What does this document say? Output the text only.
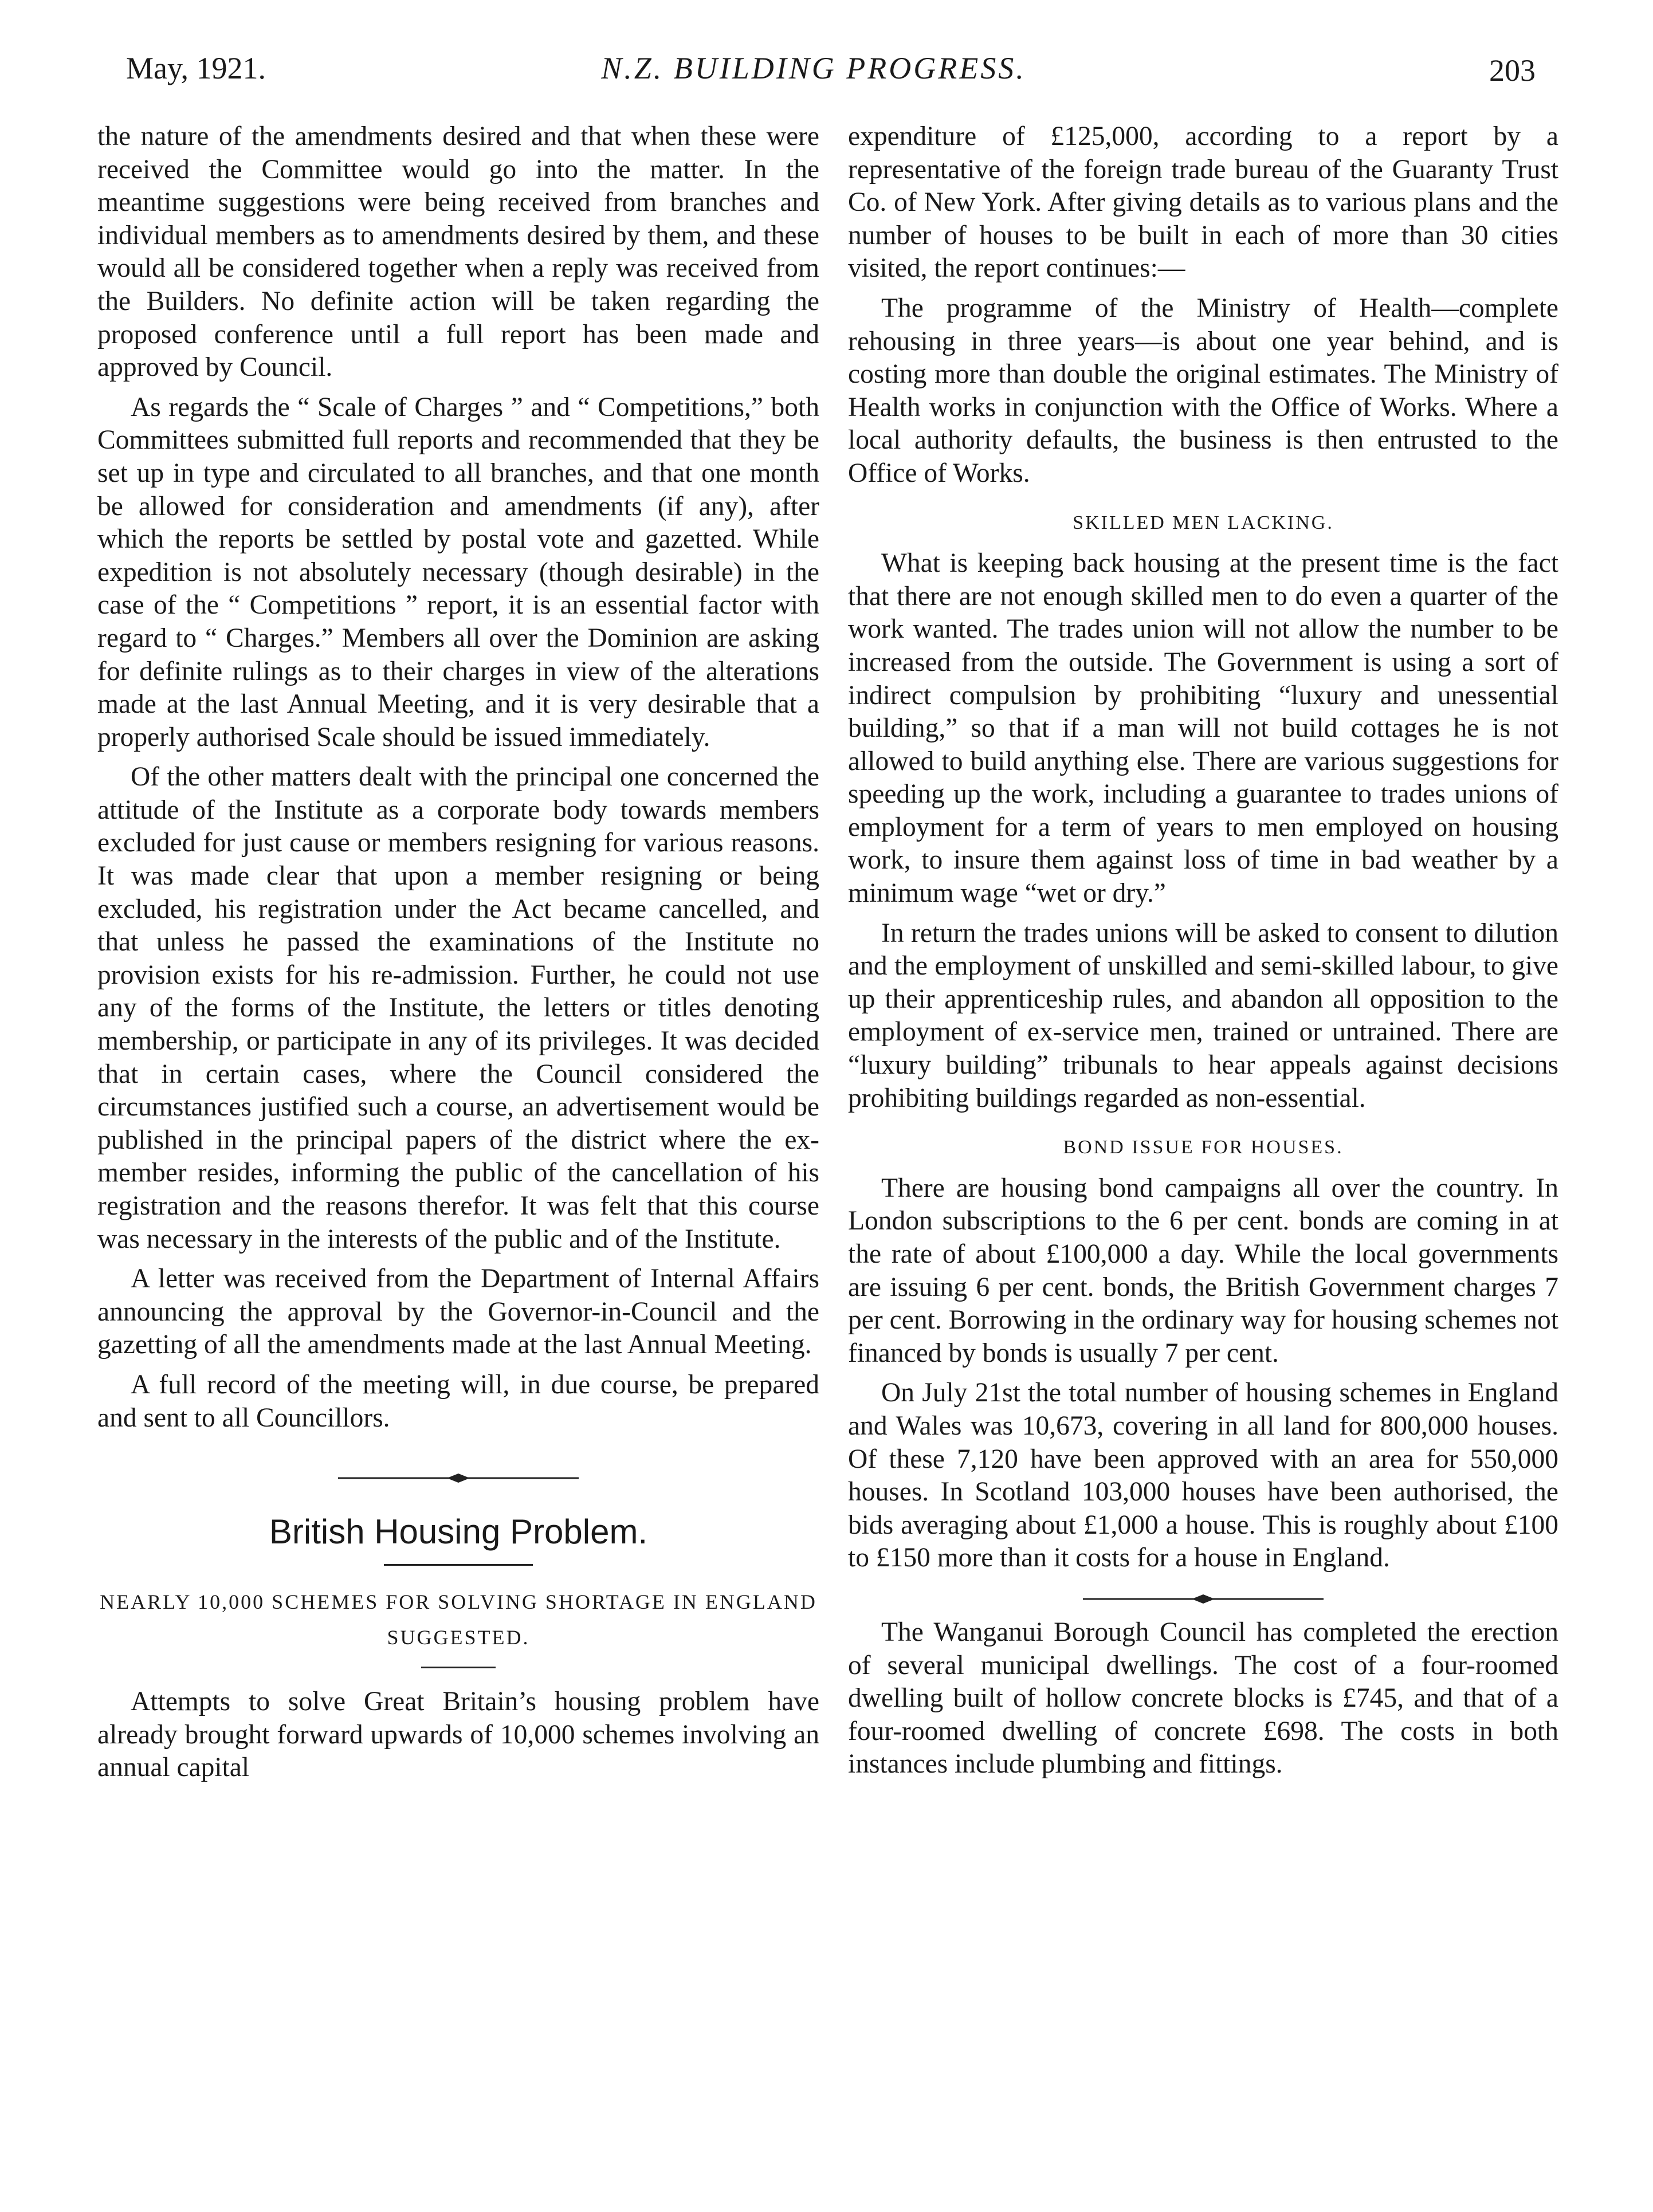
May, 1921.	N.Z. BUILDING PROGRESS.	203

the nature of the amendments desired and that when these were received the Committee would go into the matter. In the meantime suggestions were being received from branches and individual members as to amendments desired by them, and these would all be considered together when a reply was received from the Builders. No definite action will be taken regarding the proposed conference until a full report has been made and approved by Council.

As regards the “ Scale of Charges ” and “ Competitions,” both Committees submitted full reports and recommended that they be set up in type and circulated to all branches, and that one month be allowed for consideration and amendments (if any), after which the reports be settled by postal vote and gazetted. While expedition is not absolutely necessary (though desirable) in the case of the “ Competitions ” report, it is an essential factor with regard to “ Charges.” Members all over the Dominion are asking for definite rulings as to their charges in view of the alterations made at the last Annual Meeting, and it is very desirable that a properly authorised Scale should be issued immediately.

Of the other matters dealt with the principal one concerned the attitude of the Institute as a corporate body towards members excluded for just cause or members resigning for various reasons. It was made clear that upon a member resigning or being excluded, his registration under the Act became cancelled, and that unless he passed the examinations of the Institute no provision exists for his re-admission. Further, he could not use any of the forms of the Institute, the letters or titles denoting membership, or participate in any of its privileges. It was decided that in certain cases, where the Council considered the circumstances justified such a course, an advertisement would be published in the principal papers of the district where the ex-member resides, informing the public of the cancellation of his registration and the reasons therefor. It was felt that this course was necessary in the interests of the public and of the Institute.

A letter was received from the Department of Internal Affairs announcing the approval by the Governor-in-Council and the gazetting of all the amendments made at the last Annual Meeting.

A full record of the meeting will, in due course, be prepared and sent to all Councillors.

British Housing Problem.
NEARLY 10,000 SCHEMES FOR SOLVING SHORTAGE IN ENGLAND SUGGESTED.

Attempts to solve Great Britain’s housing problem have already brought forward upwards of 10,000 schemes involving an annual capital

expenditure of £125,000, according to a report by a representative of the foreign trade bureau of the Guaranty Trust Co. of New York. After giving details as to various plans and the number of houses to be built in each of more than 30 cities visited, the report continues:—

The programme of the Ministry of Health—complete rehousing in three years—is about one year behind, and is costing more than double the original estimates. The Ministry of Health works in conjunction with the Office of Works. Where a local authority defaults, the business is then entrusted to the Office of Works.

SKILLED MEN LACKING.

What is keeping back housing at the present time is the fact that there are not enough skilled men to do even a quarter of the work wanted. The trades union will not allow the number to be increased from the outside. The Government is using a sort of indirect compulsion by prohibiting “luxury and unessential building,” so that if a man will not build cottages he is not allowed to build anything else. There are various suggestions for speeding up the work, including a guarantee to trades unions of employment for a term of years to men employed on housing work, to insure them against loss of time in bad weather by a minimum wage “wet or dry.”

In return the trades unions will be asked to consent to dilution and the employment of unskilled and semi-skilled labour, to give up their apprenticeship rules, and abandon all opposition to the employment of ex-service men, trained or untrained. There are “luxury building” tribunals to hear appeals against decisions prohibiting buildings regarded as non-essential.

BOND ISSUE FOR HOUSES.

There are housing bond campaigns all over the country. In London subscriptions to the 6 per cent. bonds are coming in at the rate of about £100,000 a day. While the local governments are issuing 6 per cent. bonds, the British Government charges 7 per cent. Borrowing in the ordinary way for housing schemes not financed by bonds is usually 7 per cent.

On July 21st the total number of housing schemes in England and Wales was 10,673, covering in all land for 800,000 houses. Of these 7,120 have been approved with an area for 550,000 houses. In Scotland 103,000 houses have been authorised, the bids averaging about £1,000 a house. This is roughly about £100 to £150 more than it costs for a house in England.

The Wanganui Borough Council has completed the erection of several municipal dwellings. The cost of a four-roomed dwelling built of hollow concrete blocks is £745, and that of a four-roomed dwelling of concrete £698. The costs in both instances include plumbing and fittings.
